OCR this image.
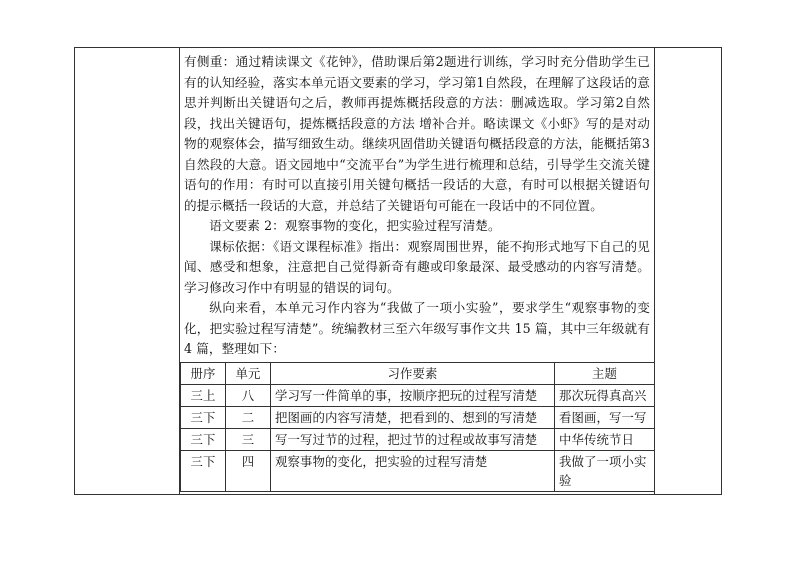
有侧重：通过精读课文《花钟》，借助课后第2题进行训练，学习时充分借助学生已有的认知经验，落实本单元语文要素的学习，学习第1自然段，在理解了这段话的意思并判断出关键语句之后，教师再提炼概括段意的方法：删减选取。学习第2自然段，找出关键语句，提炼概括段意的方法 增补合并。略读课文《小虾》写的是对动物的观察体会，描写细致生动。继续巩固借助关键语句概括段意的方法，能概括第3自然段的大意。语文园地中“交流平台”为学生进行梳理和总结，引导学生交流关键语句的作用：有时可以直接引用关键句概括一段话的大意，有时可以根据关键语句的提示概括一段话的大意，并总结了关键语句可能在一段话中的不同位置。

语文要素 2：观察事物的变化，把实验过程写清楚。

课标依据：《语文课程标准》指出：观察周围世界，能不拘形式地写下自己的见闻、感受和想象，注意把自己觉得新奇有趣或印象最深、最受感动的内容写清楚。学习修改习作中有明显的错误的词句。

纵向来看，本单元习作内容为“我做了一项小实验”，要求学生“观察事物的变化，把实验过程写清楚”。统编教材三至六年级写事作文共 15 篇，其中三年级就有 4 篇，整理如下：

册序	单元	习作要素	主题
三上	八	学习写一件简单的事，按顺序把玩的过程写清楚	那次玩得真高兴
三下	二	把图画的内容写清楚，把看到的、想到的写清楚	看图画，写一写
三下	三	写一写过节的过程，把过节的过程或故事写清楚	中华传统节日
三下	四	观察事物的变化，把实验的过程写清楚	我做了一项小实验
